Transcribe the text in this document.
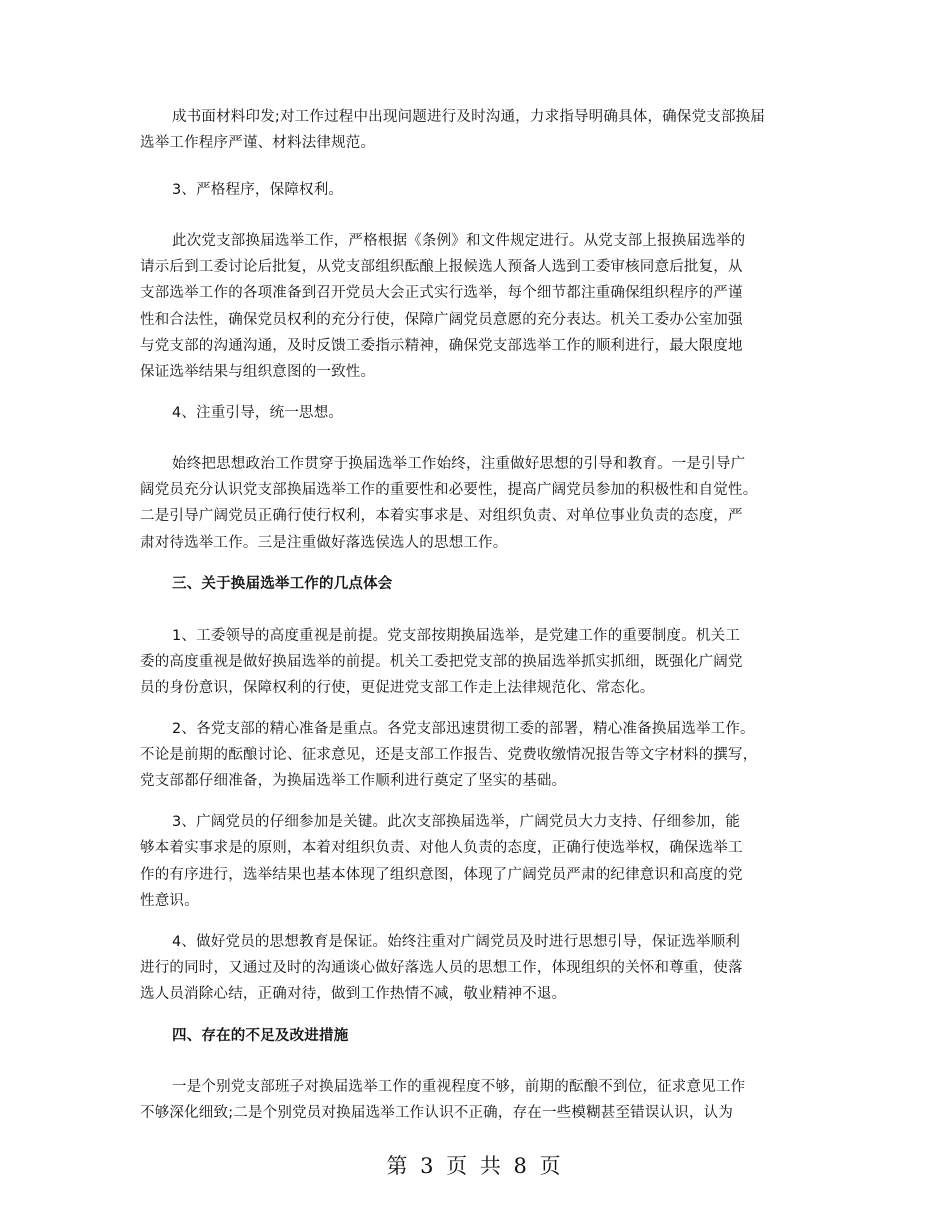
成书面材料印发;对工作过程中出现问题进行及时沟通，力求指导明确具体，确保党支部换届
选举工作程序严谨、材料法律规范。
3、严格程序，保障权利。
此次党支部换届选举工作，严格根据《条例》和文件规定进行。从党支部上报换届选举的
请示后到工委讨论后批复，从党支部组织酝酿上报候选人预备人选到工委审核同意后批复，从
支部选举工作的各项准备到召开党员大会正式实行选举，每个细节都注重确保组织程序的严谨
性和合法性，确保党员权利的充分行使，保障广阔党员意愿的充分表达。机关工委办公室加强
与党支部的沟通沟通，及时反馈工委指示精神，确保党支部选举工作的顺利进行，最大限度地
保证选举结果与组织意图的一致性。
4、注重引导，统一思想。
始终把思想政治工作贯穿于换届选举工作始终，注重做好思想的引导和教育。一是引导广
阔党员充分认识党支部换届选举工作的重要性和必要性，提高广阔党员参加的积极性和自觉性。
二是引导广阔党员正确行使行权利，本着实事求是、对组织负责、对单位事业负责的态度，严
肃对待选举工作。三是注重做好落选侯选人的思想工作。
三、关于换届选举工作的几点体会
1、工委领导的高度重视是前提。党支部按期换届选举，是党建工作的重要制度。机关工
委的高度重视是做好换届选举的前提。机关工委把党支部的换届选举抓实抓细，既强化广阔党
员的身份意识，保障权利的行使，更促进党支部工作走上法律规范化、常态化。
2、各党支部的精心准备是重点。各党支部迅速贯彻工委的部署，精心准备换届选举工作。
不论是前期的酝酿讨论、征求意见，还是支部工作报告、党费收缴情况报告等文字材料的撰写，
党支部都仔细准备，为换届选举工作顺利进行奠定了坚实的基础。
3、广阔党员的仔细参加是关键。此次支部换届选举，广阔党员大力支持、仔细参加，能
够本着实事求是的原则，本着对组织负责、对他人负责的态度，正确行使选举权，确保选举工
作的有序进行，选举结果也基本体现了组织意图，体现了广阔党员严肃的纪律意识和高度的党
性意识。
4、做好党员的思想教育是保证。始终注重对广阔党员及时进行思想引导，保证选举顺利
进行的同时，又通过及时的沟通谈心做好落选人员的思想工作，体现组织的关怀和尊重，使落
选人员消除心结，正确对待，做到工作热情不减，敬业精神不退。
四、存在的不足及改进措施
一是个别党支部班子对换届选举工作的重视程度不够，前期的酝酿不到位，征求意见工作
不够深化细致;二是个别党员对换届选举工作认识不正确，存在一些模糊甚至错误认识，认为
第 3 页 共 8 页
